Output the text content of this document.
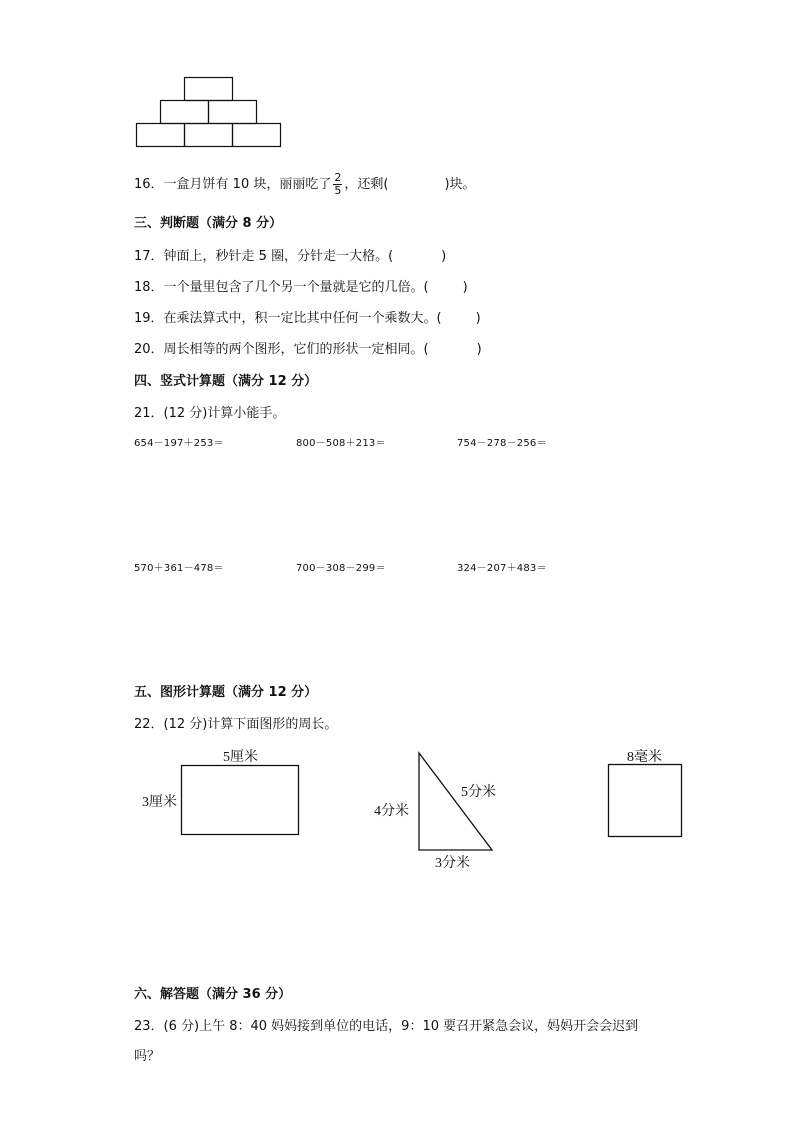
16．一盒月饼有 10 块，丽丽吃了 $\frac{2}{5}$ ，还剩(	)块。
三、判断题（满分 8 分）
17．钟面上，秒针走 5 圈，分针走一大格。(	)
18．一个量里包含了几个另一个量就是它的几倍。(	)
19．在乘法算式中，积一定比其中任何一个乘数大。(	)
20．周长相等的两个图形，它们的形状一定相同。(	)
四、竖式计算题（满分 12 分）
21．(12 分)计算小能手。
654－197＋253＝	800－508＋213＝	754－278－256＝
570＋361－478＝	700－308－299＝	324－207＋483＝
五、图形计算题（满分 12 分）
22．(12 分)计算下面图形的周长。
5厘米
3厘米
4分米
5分米
3分米
8毫米
六、解答题（满分 36 分）
23．(6 分)上午 8：40 妈妈接到单位的电话，9：10 要召开紧急会议，妈妈开会会迟到
吗？
